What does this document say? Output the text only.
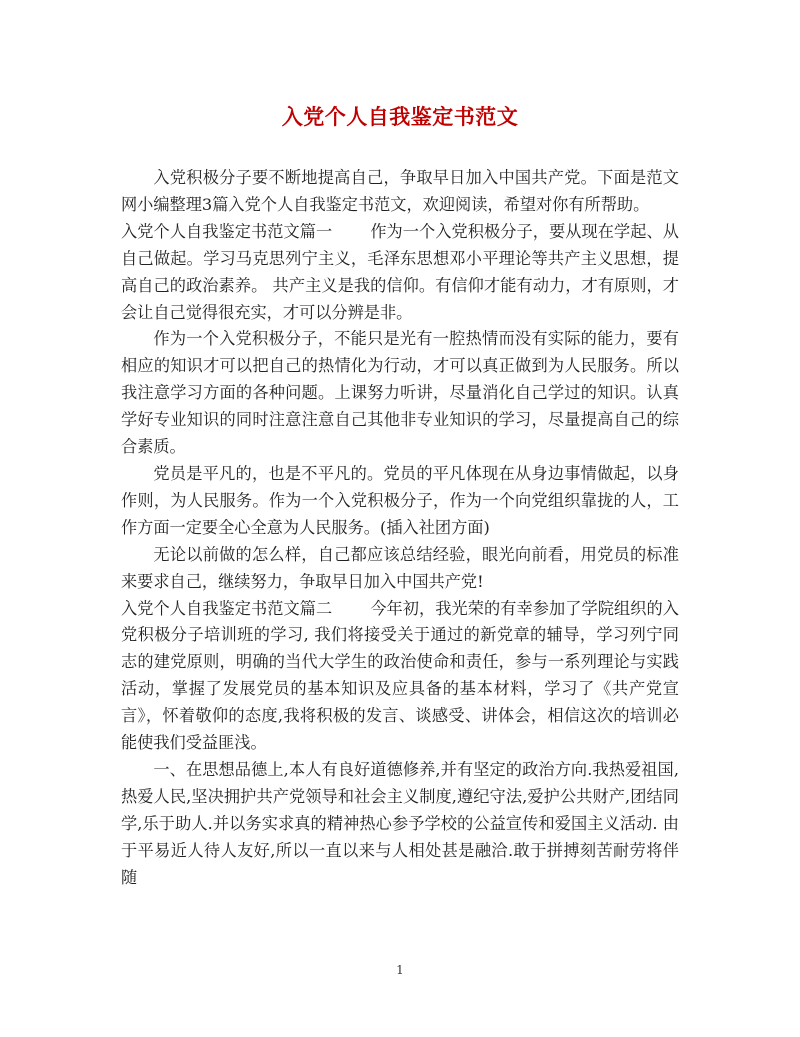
入党个人自我鉴定书范文

入党积极分子要不断地提高自己，争取早日加入中国共产党。下面是范文网小编整理3篇入党个人自我鉴定书范文，欢迎阅读，希望对你有所帮助。

入党个人自我鉴定书范文篇一 作为一个入党积极分子，要从现在学起、从自己做起。学习马克思列宁主义，毛泽东思想邓小平理论等共产主义思想，提高自己的政治素养。 共产主义是我的信仰。有信仰才能有动力，才有原则，才会让自己觉得很充实，才可以分辨是非。

作为一个入党积极分子，不能只是光有一腔热情而没有实际的能力，要有相应的知识才可以把自己的热情化为行动，才可以真正做到为人民服务。所以我注意学习方面的各种问题。上课努力听讲，尽量消化自己学过的知识。认真学好专业知识的同时注意注意自己其他非专业知识的学习，尽量提高自己的综合素质。

党员是平凡的，也是不平凡的。党员的平凡体现在从身边事情做起，以身作则，为人民服务。作为一个入党积极分子，作为一个向党组织靠拢的人，工作方面一定要全心全意为人民服务。(插入社团方面)

无论以前做的怎么样，自己都应该总结经验，眼光向前看，用党员的标准来要求自己，继续努力，争取早日加入中国共产党!

入党个人自我鉴定书范文篇二 今年初，我光荣的有幸参加了学院组织的入党积极分子培训班的学习, 我们将接受关于通过的新党章的辅导，学习列宁同志的建党原则，明确的当代大学生的政治使命和责任，参与一系列理论与实践活动，掌握了发展党员的基本知识及应具备的基本材料，学习了《共产党宣言》，怀着敬仰的态度,我将积极的发言、谈感受、讲体会，相信这次的培训必能使我们受益匪浅。

一、在思想品德上,本人有良好道德修养,并有坚定的政治方向.我热爱祖国,热爱人民,坚决拥护共产党领导和社会主义制度,遵纪守法,爱护公共财产,团结同学,乐于助人.并以务实求真的精神热心参予学校的公益宣传和爱国主义活动. 由于平易近人待人友好,所以一直以来与人相处甚是融洽.敢于拼搏刻苦耐劳将伴随

1
